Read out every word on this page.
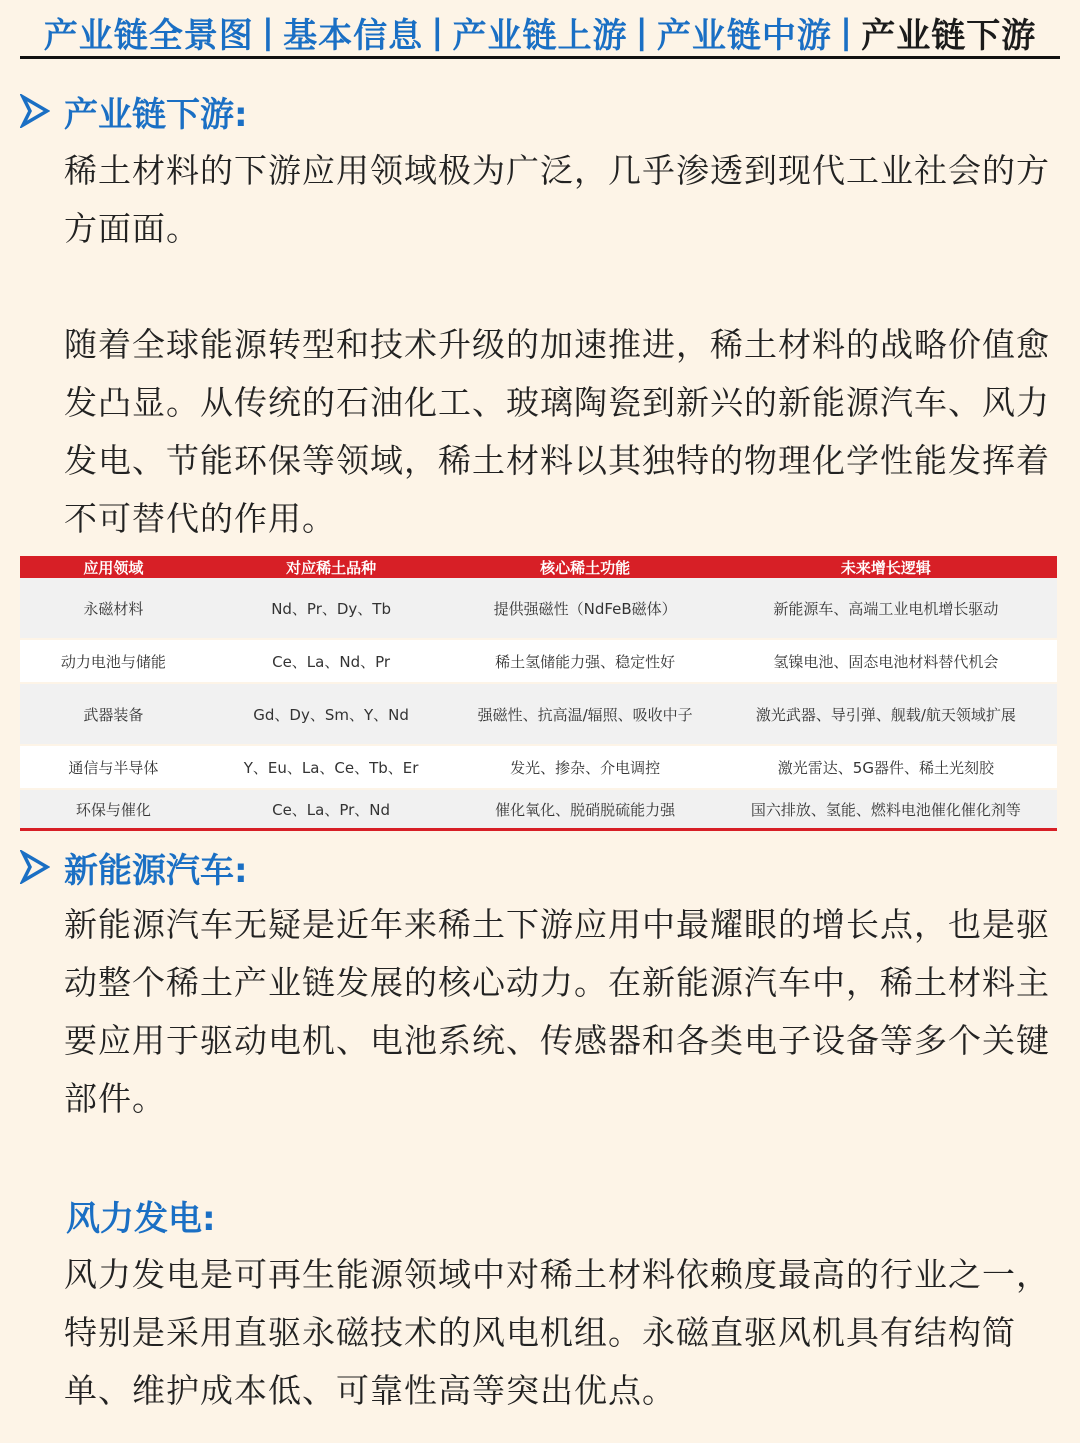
产业链全景图 | 基本信息 | 产业链上游 | 产业链中游 | 产业链下游
产业链下游:

稀土材料的下游应用领域极为广泛，几乎渗透到现代工业社会的方方面面。

随着全球能源转型和技术升级的加速推进，稀土材料的战略价值愈发凸显。从传统的石油化工、玻璃陶瓷到新兴的新能源汽车、风力发电、节能环保等领域，稀土材料以其独特的物理化学性能发挥着不可替代的作用。

应用领域	对应稀土品种	核心稀土功能	未来增长逻辑
永磁材料	Nd、Pr、Dy、Tb	提供强磁性（NdFeB磁体）	新能源车、高端工业电机增长驱动

动力电池与储能	Ce、La、Nd、Pr	稀土氢储能力强、稳定性好	氢镍电池、固态电池材料替代机会

武器装备	Gd、Dy、Sm、Y、Nd	强磁性、抗高温/辐照、吸收中子	激光武器、导引弹、舰载/航天领域扩展

通信与半导体	Y、Eu、La、Ce、Tb、Er	发光、掺杂、介电调控	激光雷达、5G器件、稀土光刻胶

环保与催化	Ce、La、Pr、Nd	催化氧化、脱硝脱硫能力强	国六排放、氢能、燃料电池催化催化剂等
新能源汽车:

新能源汽车无疑是近年来稀土下游应用中最耀眼的增长点，也是驱动整个稀土产业链发展的核心动力。在新能源汽车中，稀土材料主要应用于驱动电机、电池系统、传感器和各类电子设备等多个关键部件。

风力发电:

风力发电是可再生能源领域中对稀土材料依赖度最高的行业之一，特别是采用直驱永磁技术的风电机组。永磁直驱风机具有结构简单、维护成本低、可靠性高等突出优点。
